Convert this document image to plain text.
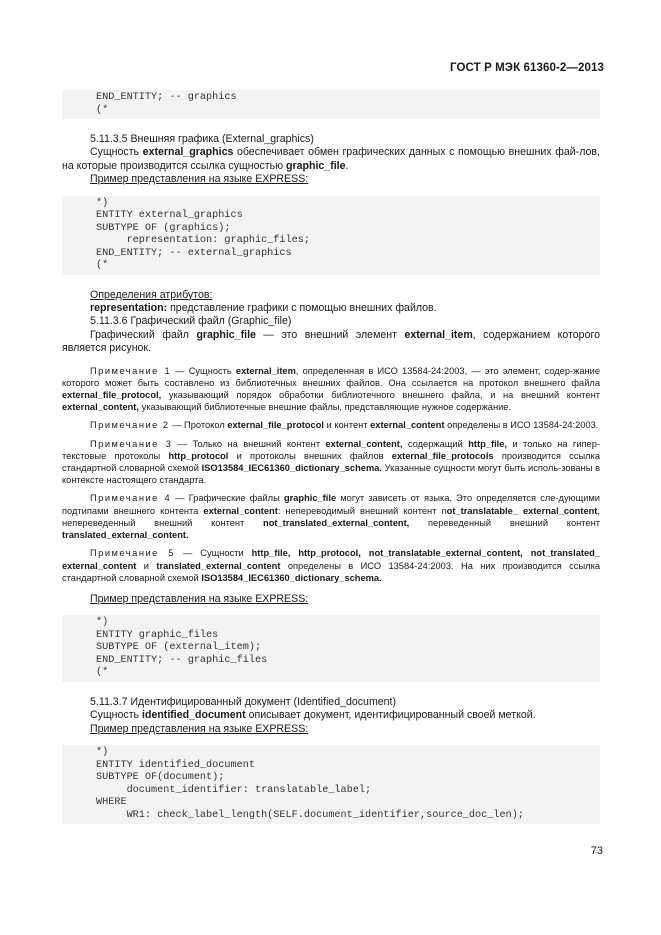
ГОСТ Р МЭК 61360-2—2013
END_ENTITY; -- graphics
(*

5.11.3.5 Внешняя графика (External_graphics)

Сущность external_graphics обеспечивает обмен графических данных с помощью внешних фай-лов, на которые производится ссылка сущностью graphic_file.

Пример представления на языке EXPRESS:

*)
ENTITY external_graphics
SUBTYPE OF (graphics);
representation: graphic_files;
END_ENTITY; -- external_graphics
(*

Определения атрибутов:

representation: представление графики с помощью внешних файлов.

5.11.3.6 Графический файл (Graphic_file)

Графический файл graphic_file — это внешний элемент external_item, содержанием которого является рисунок.

Примечание 1 — Сущность external_item, определенная в ИСО 13584-24:2003, — это элемент, содер-жание которого может быть составлено из библиотечных внешних файлов. Она ссылается на протокол внешнего файла external_file_protocol, указывающий порядок обработки библиотечного внешнего файла, и на внешний контент external_content, указывающий библиотечные внешние файлы, представляющие нужное содержание.

Примечание 2 — Протокол external_file_protocol и контент external_content определены в ИСО 13584-24:2003.

Примечание 3 — Только на внешний контент external_content, содержащий http_file, и только на гипер-текстовые протоколы http_protocol и протоколы внешних файлов external_file_protocols производится ссылка стандартной словарной схемой ISO13584_IEC61360_dictionary_schema. Указанные сущности могут быть исполь-зованы в контексте настоящего стандарта.

Примечание 4 — Графические файлы graphic_file могут зависеть от языка. Это определяется сле-дующими подтипами внешнего контента external_content: непереводимый внешний контент not_translatable_ external_content, непереведенный внешний контент not_translated_external_content, переведенный внешний контент translated_external_content.

Примечание 5 — Сущности http_file, http_protocol, not_translatable_external_content, not_translated_ external_content и translated_external_content определены в ИСО 13584-24:2003. На них производится ссылка стандартной словарной схемой ISO13584_IEC61360_dictionary_schema.

Пример представления на языке EXPRESS:

*)
ENTITY graphic_files
SUBTYPE OF (external_item);
END_ENTITY; -- graphic_files
(*

5.11.3.7 Идентифицированный документ (Identified_document)

Сущность identified_document описывает документ, идентифицированный своей меткой.

Пример представления на языке EXPRESS:

*)
ENTITY identified_document
SUBTYPE OF(document);
document_identifier: translatable_label;
WHERE
WR1: check_label_length(SELF.document_identifier,source_doc_len);
73
